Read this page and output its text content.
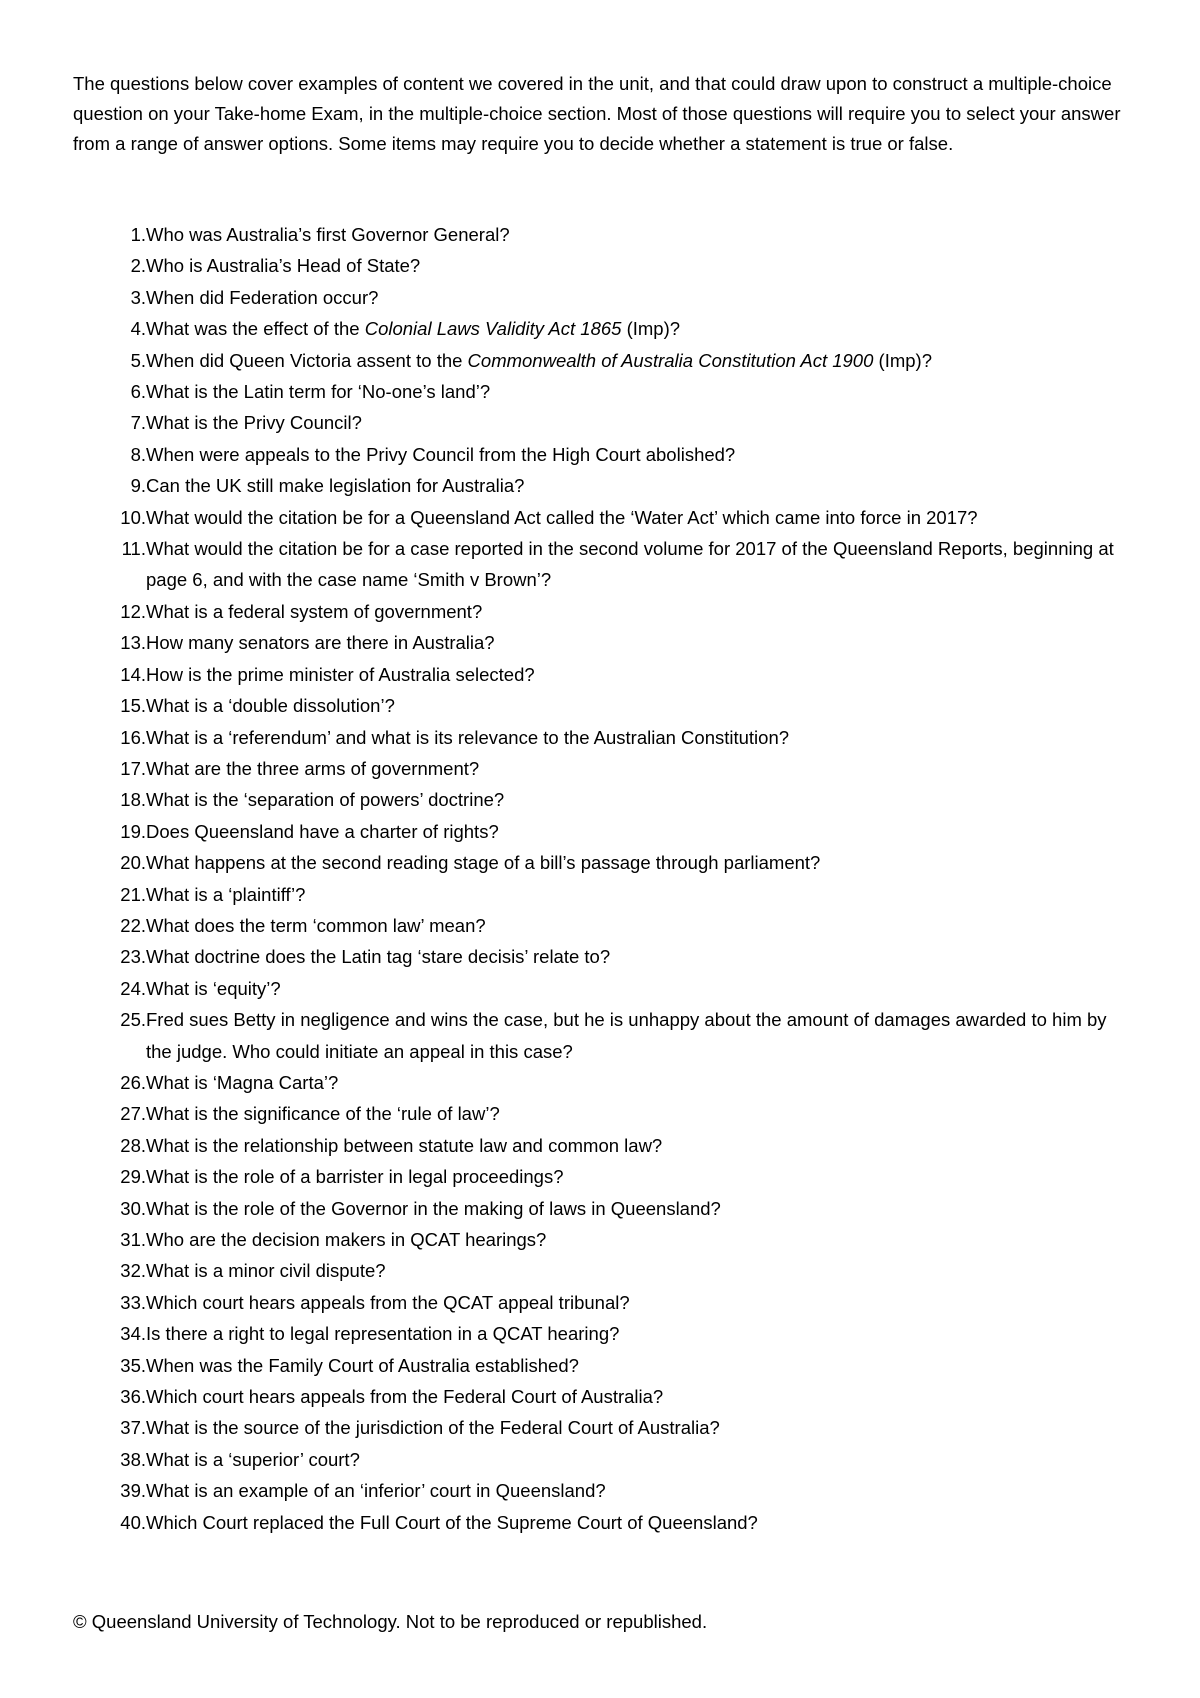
The questions below cover examples of content we covered in the unit, and that could draw upon to construct a multiple-choice question on your Take-home Exam, in the multiple-choice section. Most of those questions will require you to select your answer from a range of answer options. Some items may require you to decide whether a statement is true or false.

1. Who was Australia’s first Governor General?
2. Who is Australia’s Head of State?
3. When did Federation occur?
4. What was the effect of the Colonial Laws Validity Act 1865 (Imp)?
5. When did Queen Victoria assent to the Commonwealth of Australia Constitution Act 1900 (Imp)?
6. What is the Latin term for ‘No-one’s land’?
7. What is the Privy Council?
8. When were appeals to the Privy Council from the High Court abolished?
9. Can the UK still make legislation for Australia?
10. What would the citation be for a Queensland Act called the ‘Water Act’ which came into force in 2017?
11. What would the citation be for a case reported in the second volume for 2017 of the Queensland Reports, beginning at page 6, and with the case name ‘Smith v Brown’?
12. What is a federal system of government?
13. How many senators are there in Australia?
14. How is the prime minister of Australia selected?
15. What is a ‘double dissolution’?
16. What is a ‘referendum’ and what is its relevance to the Australian Constitution?
17. What are the three arms of government?
18. What is the ‘separation of powers’ doctrine?
19. Does Queensland have a charter of rights?
20. What happens at the second reading stage of a bill’s passage through parliament?
21. What is a ‘plaintiff’?
22. What does the term ‘common law’ mean?
23. What doctrine does the Latin tag ‘stare decisis’ relate to?
24. What is ‘equity’?
25. Fred sues Betty in negligence and wins the case, but he is unhappy about the amount of damages awarded to him by the judge. Who could initiate an appeal in this case?
26. What is ‘Magna Carta’?
27. What is the significance of the ‘rule of law’?
28. What is the relationship between statute law and common law?
29. What is the role of a barrister in legal proceedings?
30. What is the role of the Governor in the making of laws in Queensland?
31. Who are the decision makers in QCAT hearings?
32. What is a minor civil dispute?
33. Which court hears appeals from the QCAT appeal tribunal?
34. Is there a right to legal representation in a QCAT hearing?
35. When was the Family Court of Australia established?
36. Which court hears appeals from the Federal Court of Australia?
37. What is the source of the jurisdiction of the Federal Court of Australia?
38. What is a ‘superior’ court?
39. What is an example of an ‘inferior’ court in Queensland?
40. Which Court replaced the Full Court of the Supreme Court of Queensland?

© Queensland University of Technology. Not to be reproduced or republished.
